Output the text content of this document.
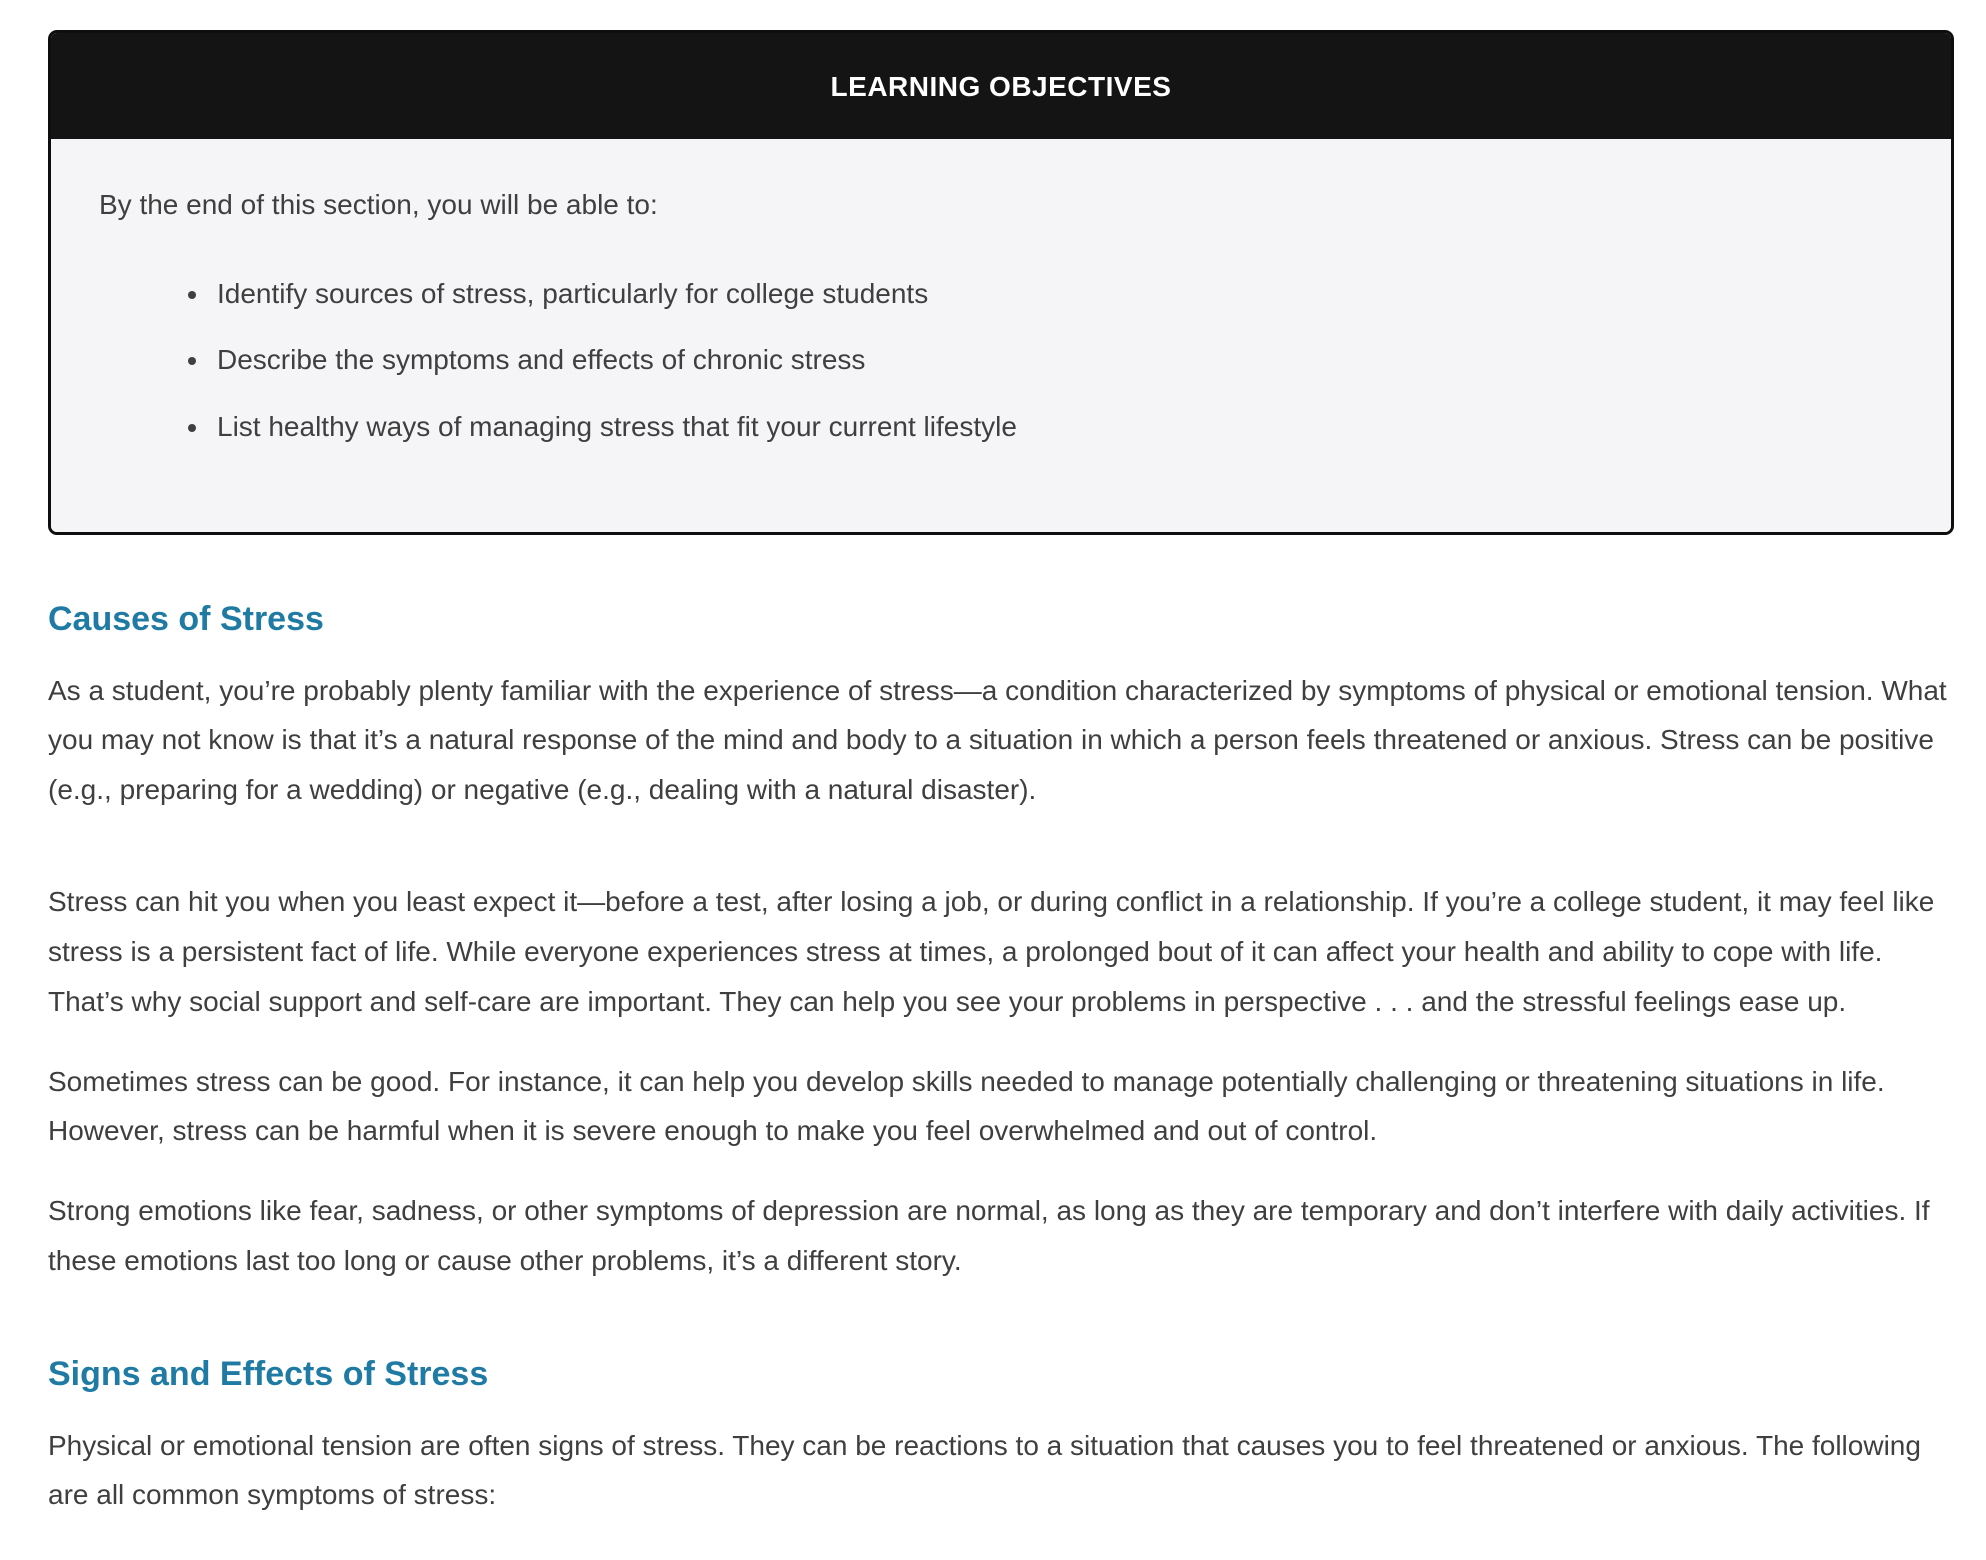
LEARNING OBJECTIVES

By the end of this section, you will be able to:

• Identify sources of stress, particularly for college students
• Describe the symptoms and effects of chronic stress
• List healthy ways of managing stress that fit your current lifestyle
Causes of Stress

As a student, you’re probably plenty familiar with the experience of stress—a condition characterized by symptoms of physical or emotional tension. What you may not know is that it’s a natural response of the mind and body to a situation in which a person feels threatened or anxious. Stress can be positive (e.g., preparing for a wedding) or negative (e.g., dealing with a natural disaster).

Stress can hit you when you least expect it—before a test, after losing a job, or during conflict in a relationship. If you’re a college student, it may feel like stress is a persistent fact of life. While everyone experiences stress at times, a prolonged bout of it can affect your health and ability to cope with life. That’s why social support and self-care are important. They can help you see your problems in perspective . . . and the stressful feelings ease up.

Sometimes stress can be good. For instance, it can help you develop skills needed to manage potentially challenging or threatening situations in life. However, stress can be harmful when it is severe enough to make you feel overwhelmed and out of control.

Strong emotions like fear, sadness, or other symptoms of depression are normal, as long as they are temporary and don’t interfere with daily activities. If these emotions last too long or cause other problems, it’s a different story.

Signs and Effects of Stress

Physical or emotional tension are often signs of stress. They can be reactions to a situation that causes you to feel threatened or anxious. The following are all common symptoms of stress:
